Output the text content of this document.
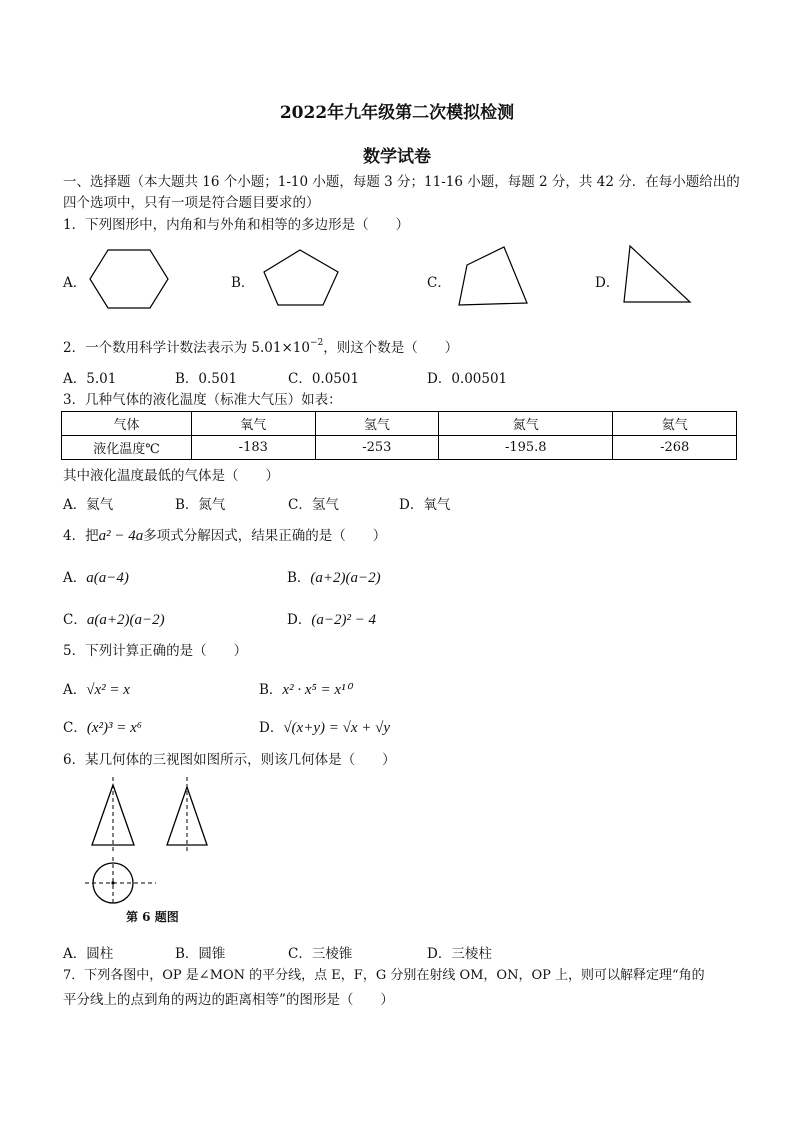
2022年九年级第二次模拟检测
数学试卷
一、选择题（本大题共 16 个小题；1-10 小题，每题 3 分；11-16 小题，每题 2 分，共 42 分．在每小题给出的
四个选项中，只有一项是符合题目要求的）
1．下列图形中，内角和与外角和相等的多边形是（　　）
A．	B．	C．	D．
2．一个数用科学计数法表示为 $5.01\times 10^{-2}$，则这个数是（　　）
A．5.01	B．0.501	C．0.0501	D．0.00501
3．几种气体的液化温度（标准大气压）如表：
气体	氧气	氢气	氮气	氦气
液化温度℃	-183	-253	-195.8	-268
其中液化温度最低的气体是（　　）
A．氦气	B．氮气	C．氢气	D．氧气
4．把a² − 4a多项式分解因式，结果正确的是（　　）
A．a(a−4)	B．(a+2)(a−2)
C．a(a+2)(a−2)	D．(a−2)² − 4
5．下列计算正确的是（　　）
A．√x² = x	B．x² · x⁵ = x¹⁰
C．(x²)³ = x⁶	D．√(x+y) = √x + √y
6．某几何体的三视图如图所示，则该几何体是（　　）
第 6 题图
A．圆柱	B．圆锥	C．三棱锥	D．三棱柱
7．下列各图中，OP 是∠MON 的平分线，点 E，F，G 分别在射线 OM，ON，OP 上，则可以解释定理“角的
平分线上的点到角的两边的距离相等”的图形是（　　）
